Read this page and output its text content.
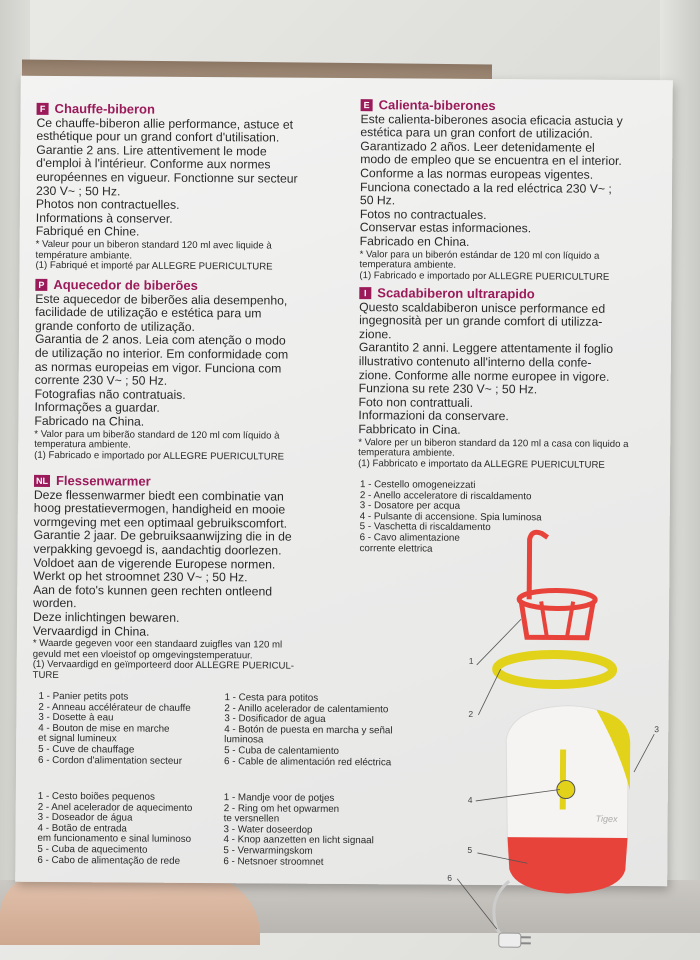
F Chauffe-biberon
Ce chauffe-biberon allie performance, astuce et
esthétique pour un grand confort d'utilisation.
Garantie 2 ans. Lire attentivement le mode
d'emploi à l'intérieur. Conforme aux normes
européennes en vigueur. Fonctionne sur secteur
230 V~ ; 50 Hz.
Photos non contractuelles.
Informations à conserver.
Fabriqué en Chine.
* Valeur pour un biberon standard 120 ml avec liquide à
température ambiante.
(1) Fabriqué et importé par ALLEGRE PUERICULTURE
P Aquecedor de biberões
Este aquecedor de biberões alia desempenho,
facilidade de utilização e estética para um
grande conforto de utilização.
Garantia de 2 anos. Leia com atenção o modo
de utilização no interior. Em conformidade com
as normas europeias em vigor. Funciona com
corrente 230 V~ ; 50 Hz.
Fotografias não contratuais.
Informações a guardar.
Fabricado na China.
* Valor para um biberão standard de 120 ml com líquido à
temperatura ambiente.
(1) Fabricado e importado por ALLEGRE PUERICULTURE
NL Flessenwarmer
Deze flessenwarmer biedt een combinatie van
hoog prestatievermogen, handigheid en mooie
vormgeving met een optimaal gebruikscomfort.
Garantie 2 jaar. De gebruiksaanwijzing die in de
verpakking gevoegd is, aandachtig doorlezen.
Voldoet aan de vigerende Europese normen.
Werkt op het stroomnet 230 V~ ; 50 Hz.
Aan de foto's kunnen geen rechten ontleend
worden.
Deze inlichtingen bewaren.
Vervaardigd in China.
* Waarde gegeven voor een standaard zuigfles van 120 ml
gevuld met een vloeistof op omgevingstemperatuur.
(1) Vervaardigd en geïmporteerd door ALLEGRE PUERICUL-
TURE
E Calienta-biberones
Este calienta-biberones asocia eficacia astucia y
estética para un gran confort de utilización.
Garantizado 2 años. Leer detenidamente el
modo de empleo que se encuentra en el interior.
Conforme a las normas europeas vigentes.
Funciona conectado a la red eléctrica 230 V~ ;
50 Hz.
Fotos no contractuales.
Conservar estas informaciones.
Fabricado en China.
* Valor para un biberón estándar de 120 ml con líquido a
temperatura ambiente.
(1) Fabricado e importado por ALLEGRE PUERICULTURE
I Scadabiberon ultrarapido
Questo scaldabiberon unisce performance ed
ingegnosità per un grande comfort di utilizza-
zione.
Garantito 2 anni. Leggere attentamente il foglio
illustrativo contenuto all'interno della confe-
zione. Conforme alle norme europee in vigore.
Funziona su rete 230 V~ ; 50 Hz.
Foto non contrattuali.
Informazioni da conservare.
Fabbricato in Cina.
* Valore per un biberon standard da 120 ml a casa con liquido a
temperatura ambiente.
(1) Fabbricato e importato da ALLEGRE PUERICULTURE
1 - Cestello omogeneizzati
2 - Anello acceleratore di riscaldamento
3 - Dosatore per acqua
4 - Pulsante di accensione. Spia luminosa
5 - Vaschetta di riscaldamento
6 - Cavo alimentazione
corrente elettrica
1 - Panier petits pots
2 - Anneau accélérateur de chauffe
3 - Dosette à eau
4 - Bouton de mise en marche
et signal lumineux
5 - Cuve de chauffage
6 - Cordon d'alimentation secteur
1 - Cesta para potitos
2 - Anillo acelerador de calentamiento
3 - Dosificador de agua
4 - Botón de puesta en marcha y señal
luminosa
5 - Cuba de calentamiento
6 - Cable de alimentación red eléctrica
1 - Cesto boiões pequenos
2 - Anel acelerador de aquecimento
3 - Doseador de água
4 - Botão de entrada
em funcionamento e sinal luminoso
5 - Cuba de aquecimento
6 - Cabo de alimentação de rede
1 - Mandje voor de potjes
2 - Ring om het opwarmen
te versnellen
3 - Water doseerdop
4 - Knop aanzetten en licht signaal
5 - Verwarmingskom
6 - Netsnoer stroomnet
Tigex
1
2
3
4
5
6
